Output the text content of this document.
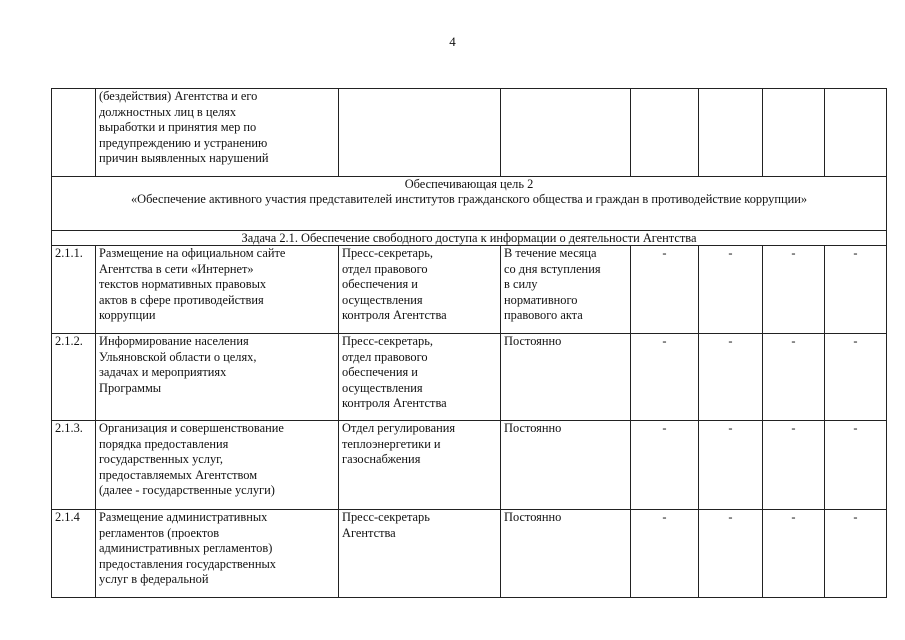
4

	(бездействия) Агентства и его
должностных лиц в целях
выработки и принятия мер по
предупреждению и устранению
причин выявленных нарушений						

Обеспечивающая цель 2
«Обеспечение активного участия представителей институтов гражданского общества и граждан в противодействие коррупции»							

Задача 2.1. Обеспечение свободного доступа к информации о деятельности Агентства							
2.1.1.	Размещение на официальном сайте
Агентства в сети «Интернет»
текстов нормативных правовых
актов в сфере противодействия
коррупции	Пресс-секретарь,
отдел правового
обеспечения и
осуществления
контроля Агентства	В течение месяца
со дня вступления
в силу
нормативного
правового акта	-	-	-	-
2.1.2.	Информирование населения
Ульяновской области о целях,
задачах и мероприятиях
Программы	Пресс-секретарь,
отдел правового
обеспечения и
осуществления
контроля Агентства	Постоянно	-	-	-	-
2.1.3.	Организация и совершенствование
порядка предоставления
государственных услуг,
предоставляемых Агентством
(далее - государственные услуги)	Отдел регулирования
теплоэнергетики и
газоснабжения	Постоянно	-	-	-	-
2.1.4	Размещение административных
регламентов (проектов
административных регламентов)
предоставления государственных
услуг в федеральной	Пресс-секретарь
Агентства	Постоянно	-	-	-	-
